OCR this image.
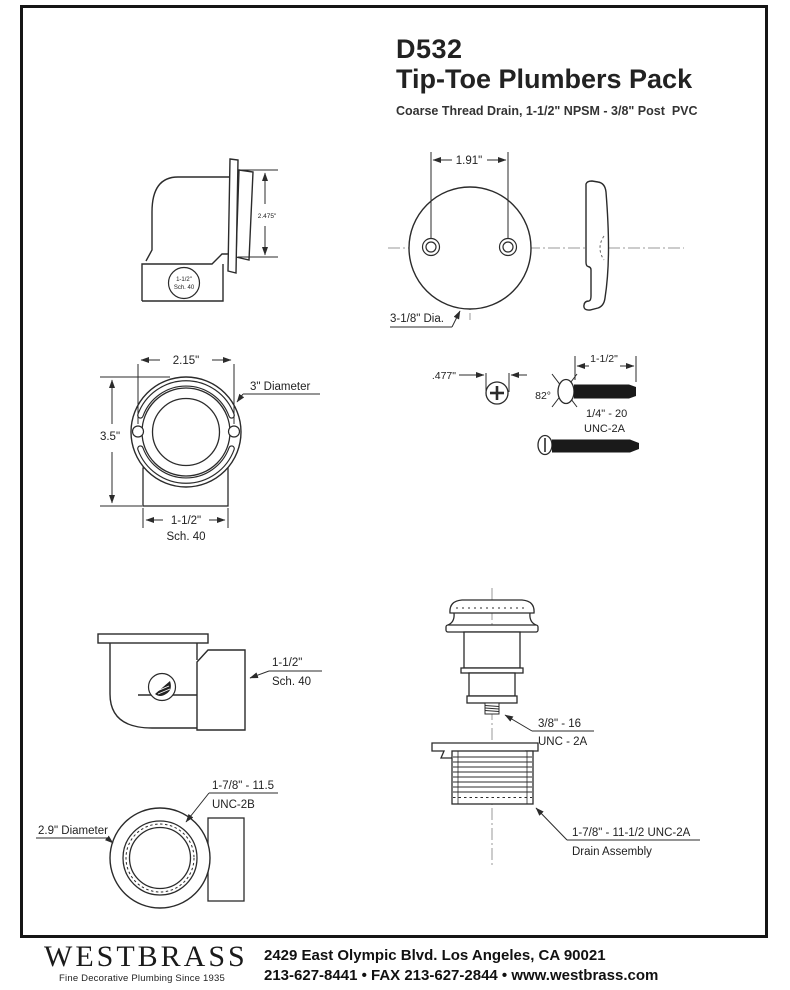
D532
Tip-Toe Plumbers Pack
Coarse Thread Drain, 1-1/2" NPSM - 3/8" Post  PVC
2.475"
1-1/2"
Sch. 40
1.91"
3-1/8" Dia.
.477"
82°
1-1/2"
1/4" - 20
UNC-2A
2.15"
3.5"
3" Diameter
1-1/2"
Sch. 40
1-1/2"
Sch. 40
1-7/8" - 11.5
UNC-2B
2.9" Diameter
3/8" - 16
UNC - 2A
1-7/8" - 11-1/2 UNC-2A
Drain Assembly
WESTBRASS
Fine Decorative Plumbing Since 1935
2429 East Olympic Blvd. Los Angeles, CA 90021
213-627-8441 • FAX 213-627-2844 • www.westbrass.com
